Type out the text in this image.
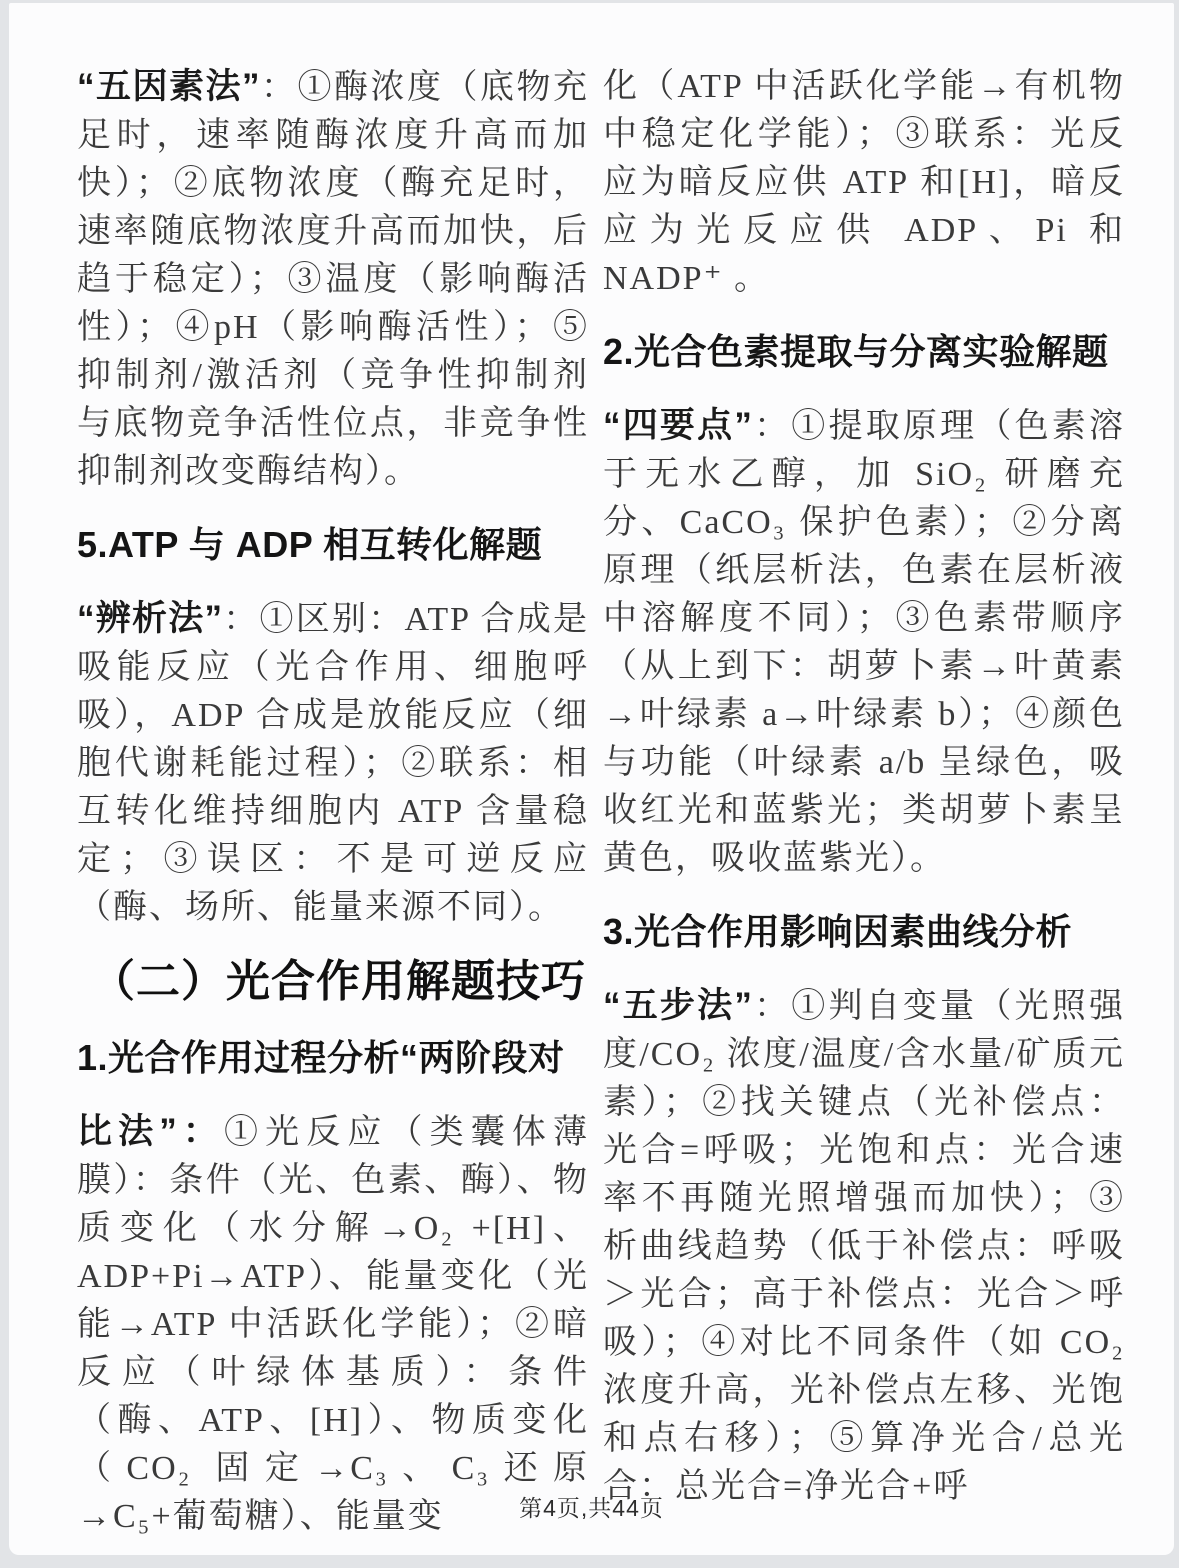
“五因素法”：①酶浓度（底物充足时，速率随酶浓度升高而加快）；②底物浓度（酶充足时，速率随底物浓度升高而加快，后趋于稳定）；③温度（影响酶活性）；④pH（影响酶活性）；⑤抑制剂/激活剂（竞争性抑制剂与底物竞争活性位点，非竞争性抑制剂改变酶结构）。

5.ATP 与 ADP 相互转化解题

“辨析法”：①区别：ATP 合成是吸能反应（光合作用、细胞呼吸），ADP 合成是放能反应（细胞代谢耗能过程）；②联系：相互转化维持细胞内 ATP 含量稳定；③误区：不是可逆反应（酶、场所、能量来源不同）。

（二）光合作用解题技巧
1.光合作用过程分析“两阶段对

比法”：①光反应（类囊体薄膜）：条件（光、色素、酶）、物质变化（水分解→O₂ +[H]、ADP+Pi→ATP）、能量变化（光能→ATP 中活跃化学能）；②暗反应（叶绿体基质）：条件（酶、ATP、[H]）、物质变化（CO₂ 固定→C₃、C₃还原→C₅+葡萄糖）、能量变

化（ATP 中活跃化学能→有机物中稳定化学能）；③联系：光反应为暗反应供 ATP 和[H]，暗反应为光反应供 ADP、Pi 和 NADP⁺ 。

2.光合色素提取与分离实验解题

“四要点”：①提取原理（色素溶于无水乙醇，加 SiO₂ 研磨充分、CaCO₃ 保护色素）；②分离原理（纸层析法，色素在层析液中溶解度不同）；③色素带顺序（从上到下：胡萝卜素→叶黄素→叶绿素 a→叶绿素 b）；④颜色与功能（叶绿素 a/b 呈绿色，吸收红光和蓝紫光；类胡萝卜素呈黄色，吸收蓝紫光）。

3.光合作用影响因素曲线分析

“五步法”：①判自变量（光照强度/CO₂ 浓度/温度/含水量/矿质元素）；②找关键点（光补偿点：光合=呼吸；光饱和点：光合速率不再随光照增强而加快）；③析曲线趋势（低于补偿点：呼吸＞光合；高于补偿点：光合＞呼吸）；④对比不同条件（如 CO₂ 浓度升高，光补偿点左移、光饱和点右移）；⑤算净光合/总光合：总光合=净光合+呼

第4页,共44页
